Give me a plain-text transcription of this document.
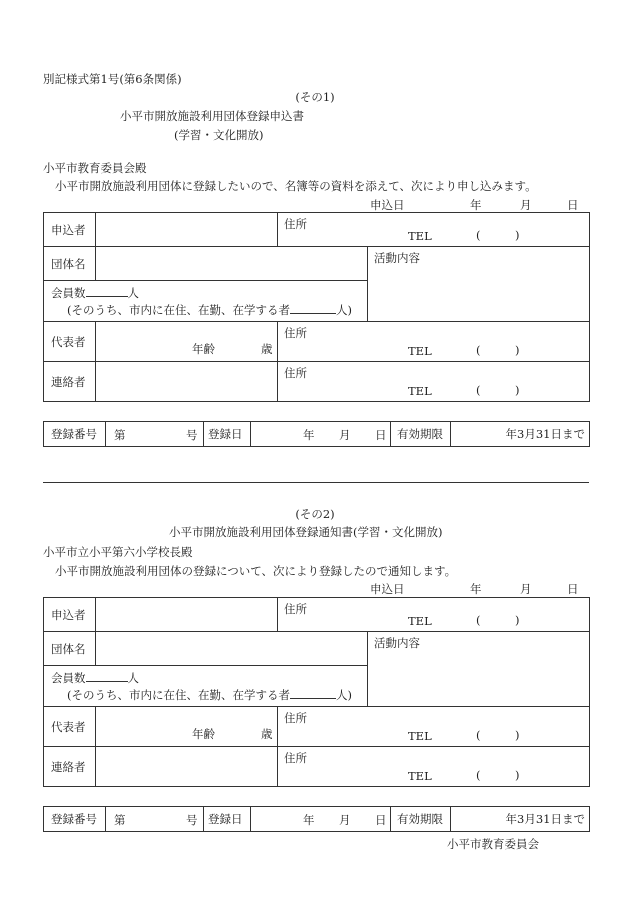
別記様式第1号(第6条関係)
(その1)
小平市開放施設利用団体登録申込書
(学習・文化開放)
小平市教育委員会殿
小平市開放施設利用団体に登録したいので、名簿等の資料を添えて、次により申し込みます。
申込日	年	月	日
申込者		住所
TEL (　　　)	

団体名			活動内容

会員数 人
(そのうち、市内に在住、在勤、在学する者 人)			

代表者	年齢 歳	住所
TEL (　　　)	

連絡者		住所
TEL (　　　)	
登録番号	第	号	登録日	年 月 日	有効期限	年3月31日まで
(その2)
小平市開放施設利用団体登録通知書(学習・文化開放)
小平市立小平第六小学校長殿
小平市開放施設利用団体の登録について、次により登録したので通知します。
申込日	年	月	日
申込者		住所
TEL (　　　)	

団体名			活動内容

会員数 人
(そのうち、市内に在住、在勤、在学する者 人)			

代表者	年齢 歳	住所
TEL (　　　)	

連絡者		住所
TEL (　　　)	
登録番号	第	号	登録日	年 月 日	有効期限	年3月31日まで
小平市教育委員会
